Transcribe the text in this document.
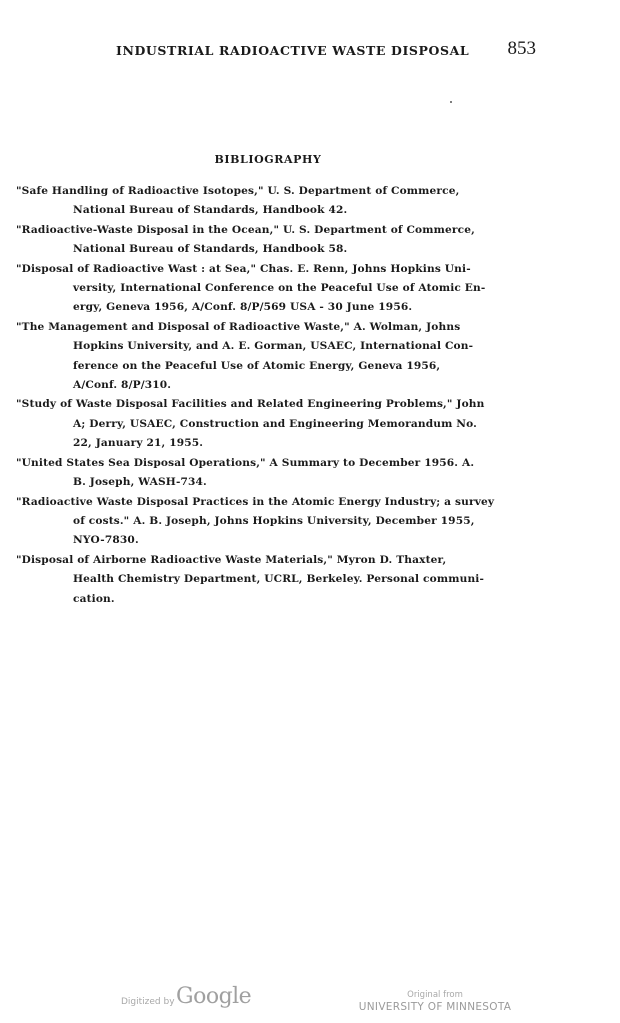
INDUSTRIAL RADIOACTIVE WASTE DISPOSAL 853
BIBLIOGRAPHY
"Safe Handling of Radioactive Isotopes," U. S. Department of Commerce,
National Bureau of Standards, Handbook 42.
"Radioactive-Waste Disposal in the Ocean," U. S. Department of Commerce,
National Bureau of Standards, Handbook 58.
"Disposal of Radioactive Wast : at Sea," Chas. E. Renn, Johns Hopkins Uni-
versity, International Conference on the Peaceful Use of Atomic En-
ergy, Geneva 1956, A/Conf. 8/P/569 USA - 30 June 1956.
"The Management and Disposal of Radioactive Waste," A. Wolman, Johns
Hopkins University, and A. E. Gorman, USAEC, International Con-
ference on the Peaceful Use of Atomic Energy, Geneva 1956,
A/Conf. 8/P/310.
"Study of Waste Disposal Facilities and Related Engineering Problems," John
A; Derry, USAEC, Construction and Engineering Memorandum No.
22, January 21, 1955.
"United States Sea Disposal Operations," A Summary to December 1956. A.
B. Joseph, WASH-734.
"Radioactive Waste Disposal Practices in the Atomic Energy Industry; a survey
of costs." A. B. Joseph, Johns Hopkins University, December 1955,
NYO-7830.
"Disposal of Airborne Radioactive Waste Materials," Myron D. Thaxter,
Health Chemistry Department, UCRL, Berkeley. Personal communi-
cation.
Digitized by Google	Original from
UNIVERSITY OF MINNESOTA
